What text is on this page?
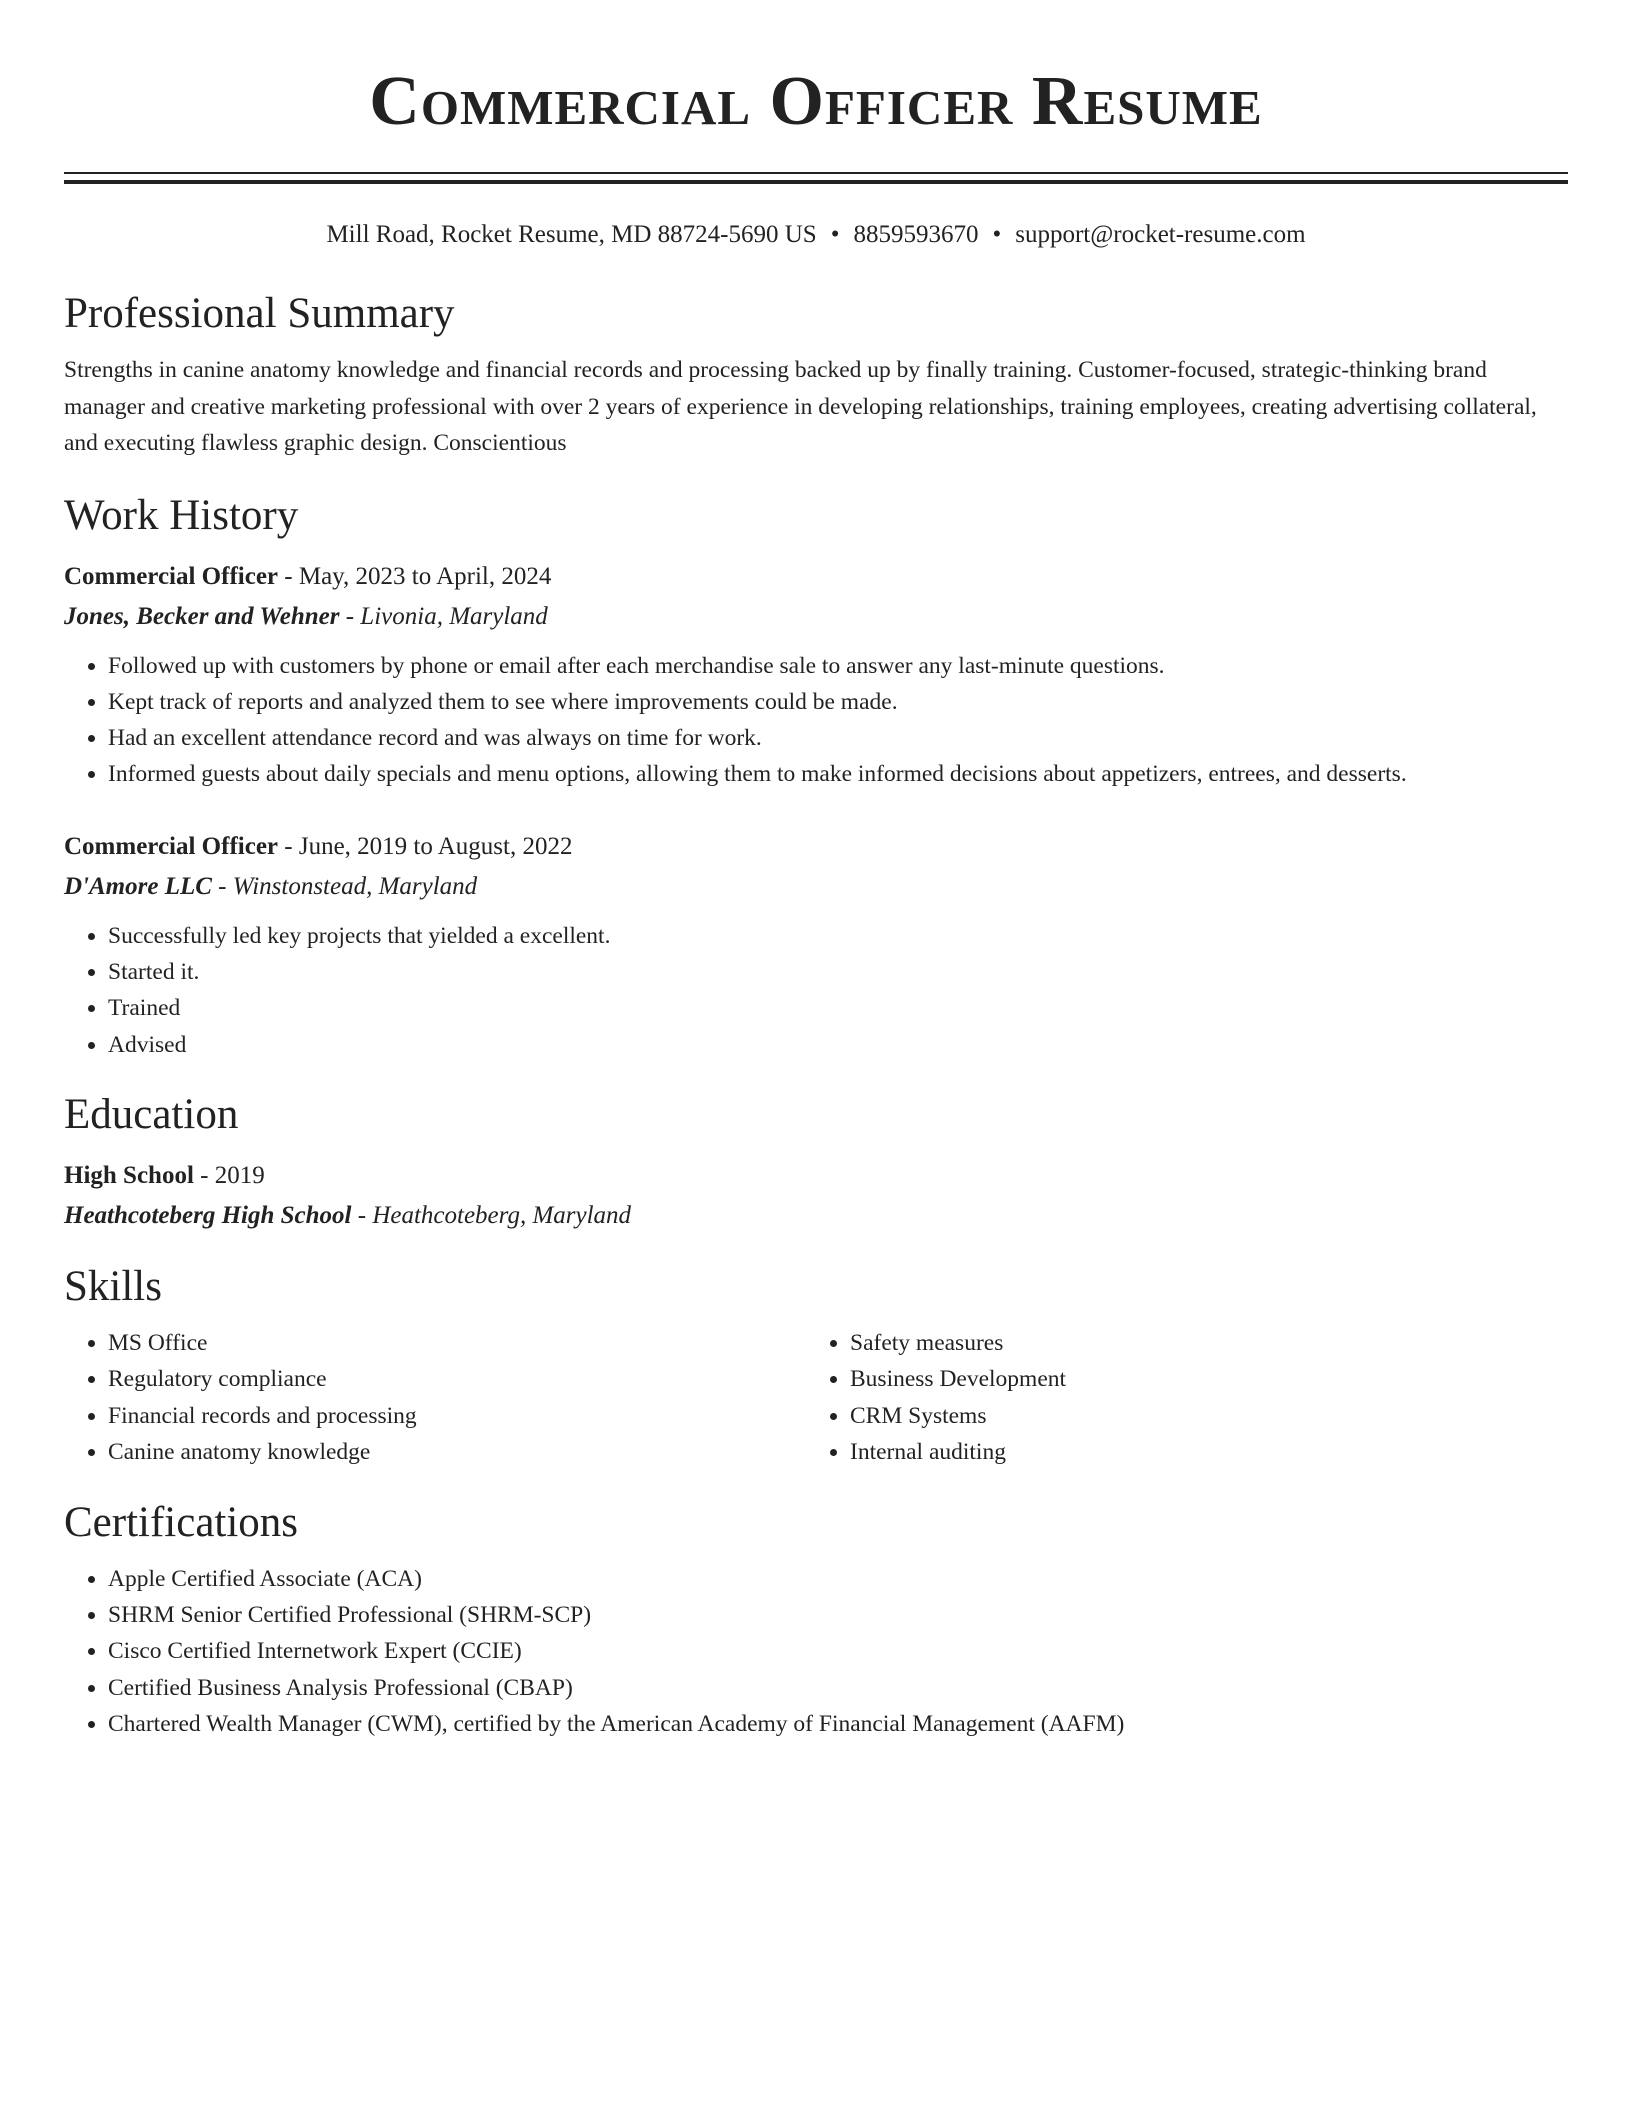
Commercial Officer Resume
Mill Road, Rocket Resume, MD 88724-5690 US • 8859593670 • support@rocket-resume.com
Professional Summary
Strengths in canine anatomy knowledge and financial records and processing backed up by finally training. Customer-focused, strategic-thinking brand manager and creative marketing professional with over 2 years of experience in developing relationships, training employees, creating advertising collateral, and executing flawless graphic design. Conscientious
Work History
Commercial Officer - May, 2023 to April, 2024
Jones, Becker and Wehner - Livonia, Maryland
• Followed up with customers by phone or email after each merchandise sale to answer any last-minute questions.
• Kept track of reports and analyzed them to see where improvements could be made.
• Had an excellent attendance record and was always on time for work.
• Informed guests about daily specials and menu options, allowing them to make informed decisions about appetizers, entrees, and desserts.
Commercial Officer - June, 2019 to August, 2022
D'Amore LLC - Winstonstead, Maryland
• Successfully led key projects that yielded a excellent.
• Started it.
• Trained
• Advised
Education
High School - 2019
Heathcoteberg High School - Heathcoteberg, Maryland
Skills
• MS Office
• Regulatory compliance
• Financial records and processing
• Canine anatomy knowledge
• Safety measures
• Business Development
• CRM Systems
• Internal auditing
Certifications
• Apple Certified Associate (ACA)
• SHRM Senior Certified Professional (SHRM-SCP)
• Cisco Certified Internetwork Expert (CCIE)
• Certified Business Analysis Professional (CBAP)
• Chartered Wealth Manager (CWM), certified by the American Academy of Financial Management (AAFM)
